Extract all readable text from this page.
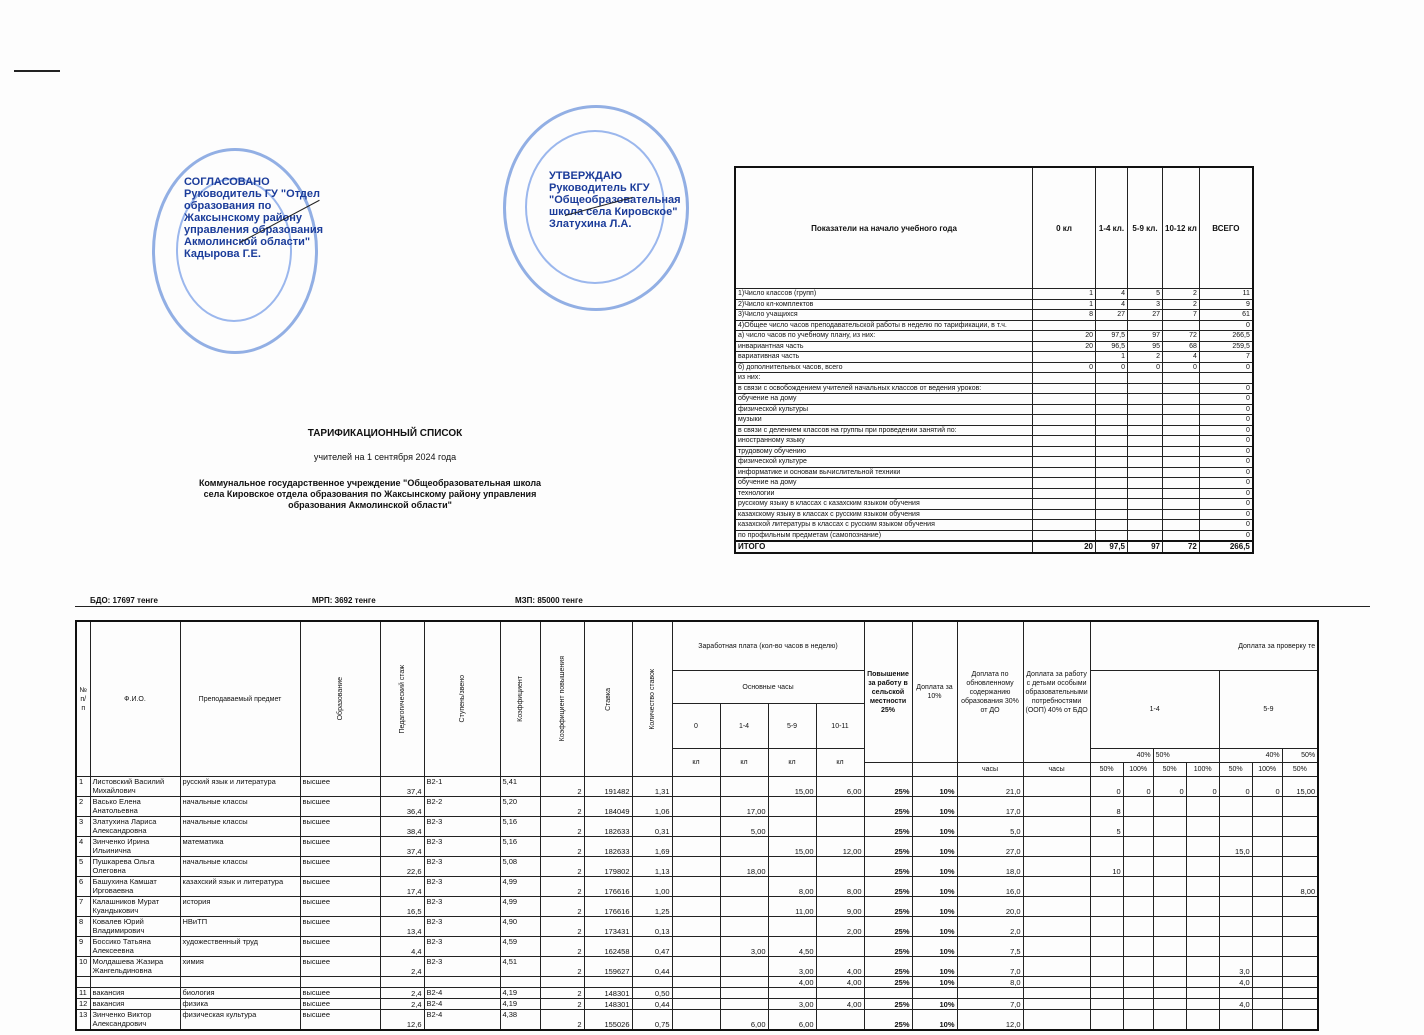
СОГЛАСОВАНО
Руководитель ГУ "Отдел
образования по
Жаксынскому району
управления образования
Акмолинской области"
Кадырова Г.Е.
УТВЕРЖДАЮ
Руководитель КГУ
"Общеобразовательная
школа села Кировское"
Златухина Л.А.
ТАРИФИКАЦИОННЫЙ СПИСОК
учителей на 1 сентября 2024 года
Коммунальное государственное учреждение "Общеобразовательная школа села Кировское отдела образования по Жаксынскому району управления образования Акмолинской области"
Показатели на начало учебного года	0 кл	1-4 кл.	5-9 кл.	10-12 кл	ВСЕГО
1)Число классов (групп)	1	4	5	2	11
2)Число кл-комплектов	1	4	3	2	9
3)Число учащихся	8	27	27	7	61
4)Общее число часов преподавательской работы в неделю по тарификации, в т.ч.					0
а) число часов по учебному плану, из них:	20	97,5	97	72	266,5
инвариантная часть	20	96,5	95	68	259,5
вариативная часть		1	2	4	7
б) дополнительных часов, всего	0	0	0	0	0
из них:					
в связи с освобождением учителей начальных классов от ведения уроков:					0
обучение на дому					0
физической культуры					0
музыки					0
в связи с делением классов на группы при проведении занятий по:					0
иностранному языку					0
трудовому обучению					0
физической культуре					0
информатике и основам вычислительной техники					0
обучение на дому					0
технологии					0
русскому языку в классах с казахским языком обучения					0
казахскому языку в классах с русским языком обучения					0
казахской литературы в классах с русским языком обучения					0
по профильным предметам (самопознание)					0
ИТОГО	20	97,5	97	72	266,5
БДО: 17697 тенге	МРП: 3692 тенге	МЗП: 85000 тенге
№ п/п	Ф.И.О.	Преподаваемый предмет	Образование	Педагогический стаж	Ступень/звено	Коэффициент	Коэффициент повышения	Ставка	Количество ставок	Заработная плата (кол-во часов в неделю)				Повышение за работу в сельской местности 25%	Доплата за 10%	Доплата по обновленному содержанию образования 30% от ДО	Доплата за работу с детьми особыми образовательными потребностями (ООП) 40% от БДО	Доплата за проверку те						
										Основные часы								1-4				5-9		
										0	1-4	5-9	10-11											
										кл	кл	кл	кл					40%		50%		40%		50%
																часы	часы	50%	100%	50%	100%	50%	100%	50%
1	Листовский Василий Михайлович	русский язык и литература	высшее	37,4	В2-1	5,41	2	191482	1,31			15,00	6,00	25%	10%	21,0		0	0	0	0	0	0	15,00
2	Васько Елена Анатольевна	начальные классы	высшее	36,4	В2-2	5,20	2	184049	1,06		17,00			25%	10%	17,0		8						
3	Златухина Лариса Александровна	начальные классы	высшее	38,4	В2-3	5,16	2	182633	0,31		5,00			25%	10%	5,0		5						
4	Зинченко Ирина Ильинична	математика	высшее	37,4	В2-3	5,16	2	182633	1,69			15,00	12,00	25%	10%	27,0						15,0		
5	Пушкарева Ольга Олеговна	начальные классы	высшее	22,6	В2-3	5,08	2	179802	1,13		18,00			25%	10%	18,0		10						
6	Башухина Камшат Ирговаевна	казахский язык и литература	высшее	17,4	В2-3	4,99	2	176616	1,00			8,00	8,00	25%	10%	16,0								8,00
7	Калашников Мурат Куандыкович	история	высшее	16,5	В2-3	4,99	2	176616	1,25			11,00	9,00	25%	10%	20,0								
8	Ковалев Юрий Владимирович	НВиТП	высшее	13,4	В2-3	4,90	2	173431	0,13				2,00	25%	10%	2,0								
9	Боссико Татьяна Алексеевна	художественный труд	высшее	4,4	В2-3	4,59	2	162458	0,47		3,00	4,50		25%	10%	7,5								
10	Молдашева Жазира Жангельдиновна	химия	высшее	2,4	В2-3	4,51	2	159627	0,44			3,00	4,00	25%	10%	7,0						3,0		
												4,00	4,00	25%	10%	8,0						4,0		
11	вакансия	биология	высшее	2,4	В2-4	4,19	2	148301	0,50															
12	вакансия	физика	высшее	2,4	В2-4	4,19	2	148301	0,44			3,00	4,00	25%	10%	7,0						4,0		
13	Зинченко Виктор Александрович	физическая культура	высшее	12,6	В2-4	4,38	2	155026	0,75		6,00	6,00		25%	10%	12,0								
